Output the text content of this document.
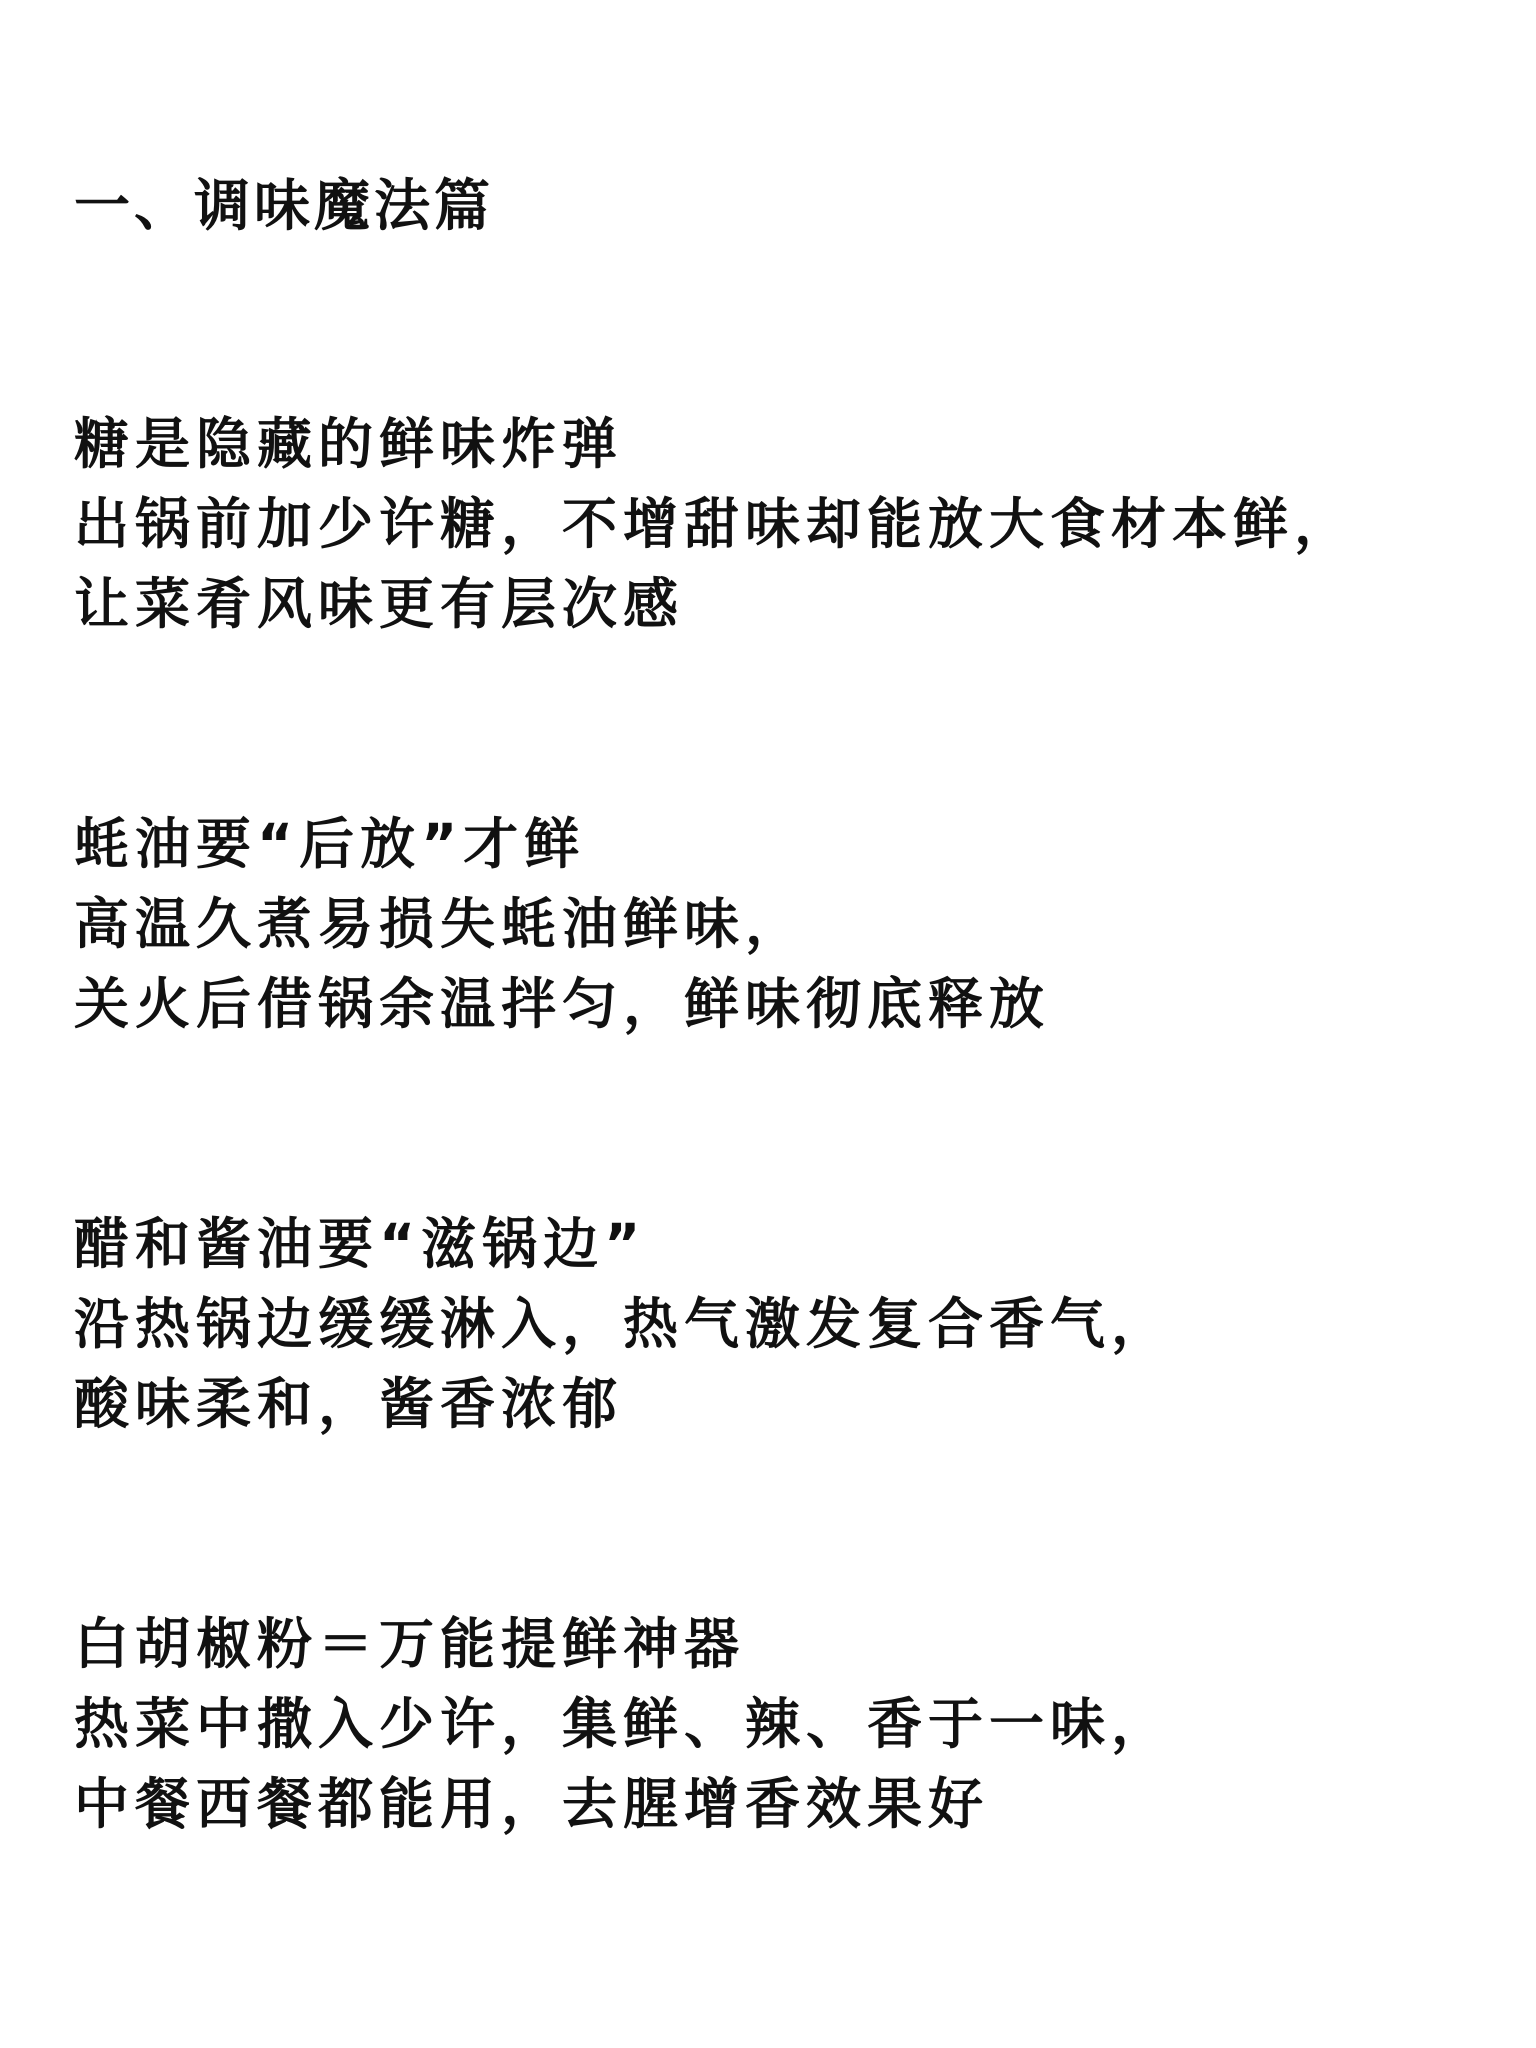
一、调味魔法篇
糖是隐藏的鲜味炸弹
出锅前加少许糖，不增甜味却能放大食材本鲜，
让菜肴风味更有层次感
蚝油要“后放”才鲜
高温久煮易损失蚝油鲜味，
关火后借锅余温拌匀，鲜味彻底释放
醋和酱油要“滋锅边”
沿热锅边缓缓淋入，热气激发复合香气，
酸味柔和，酱香浓郁
白胡椒粉＝万能提鲜神器
热菜中撒入少许，集鲜、辣、香于一味，
中餐西餐都能用，去腥增香效果好
